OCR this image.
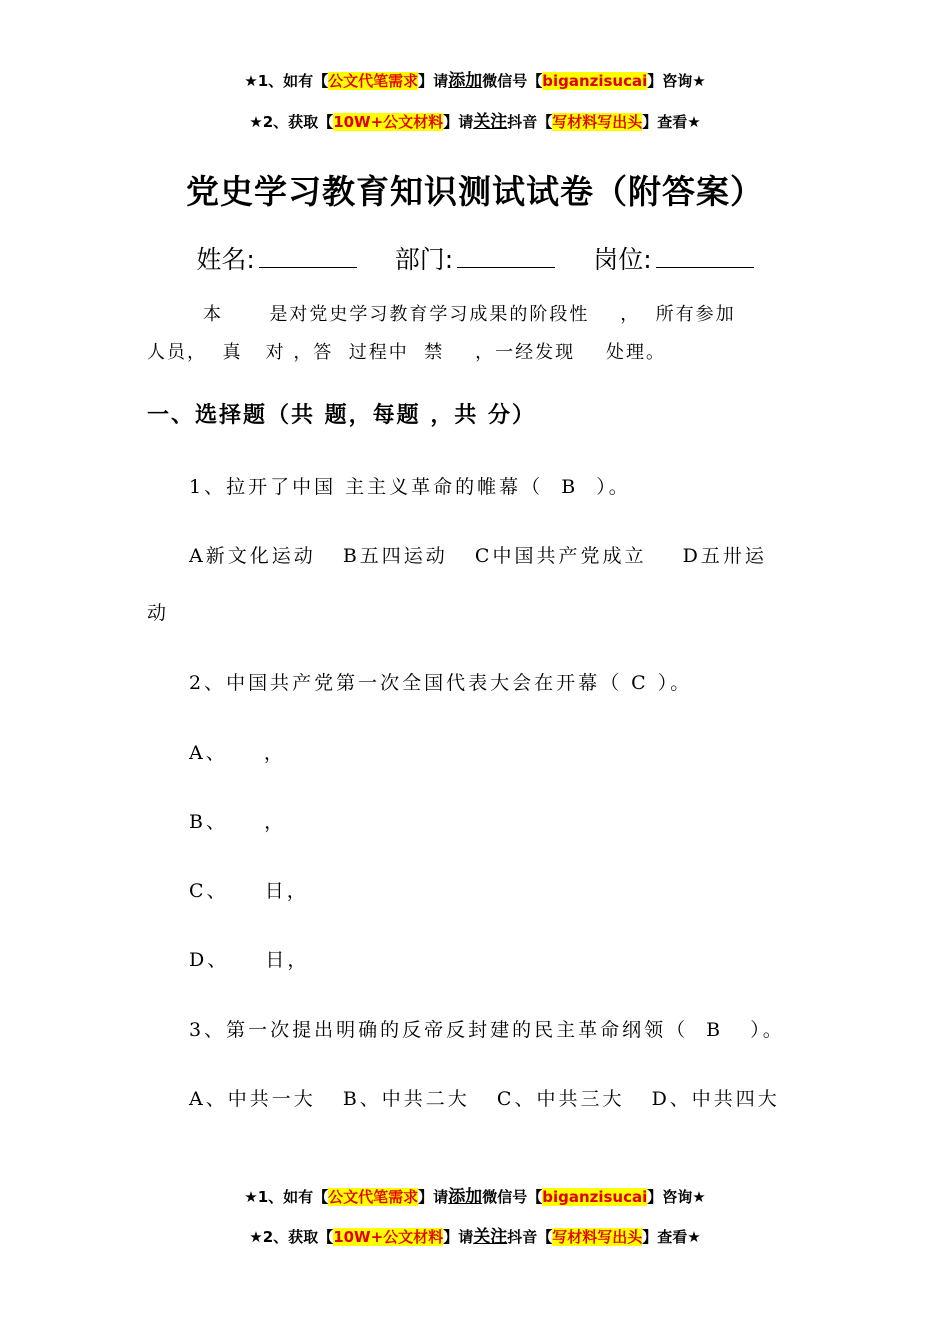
★1、如有【公文代笔需求】请添加微信号【biganzisucai】咨询★
★2、获取【10W+公文材料】请关注抖音【写材料写出头】查看★
党史学习教育知识测试试卷（附答案）
姓名:	部门:	岗位:
本      是对党史学习教育学习成果的阶段性    ，  所有参加
人员，  真   对 ，答  过程中  禁    ，一经发现    处理。
一、选择题（共 题，每题 ，共 分）
1、拉开了中国 主主义革命的帷幕（  B  ）。
A新文化运动   B五四运动   C中国共产党成立    D五卅运
动
2、中国共产党第一次全国代表大会在开幕（ C ）。
A、    ，
B、    ，
C、    日，
D、    日，
3、第一次提出明确的反帝反封建的民主革命纲领（  B   ）。
A、中共一大   B、中共二大   C、中共三大   D、中共四大
★1、如有【公文代笔需求】请添加微信号【biganzisucai】咨询★
★2、获取【10W+公文材料】请关注抖音【写材料写出头】查看★
